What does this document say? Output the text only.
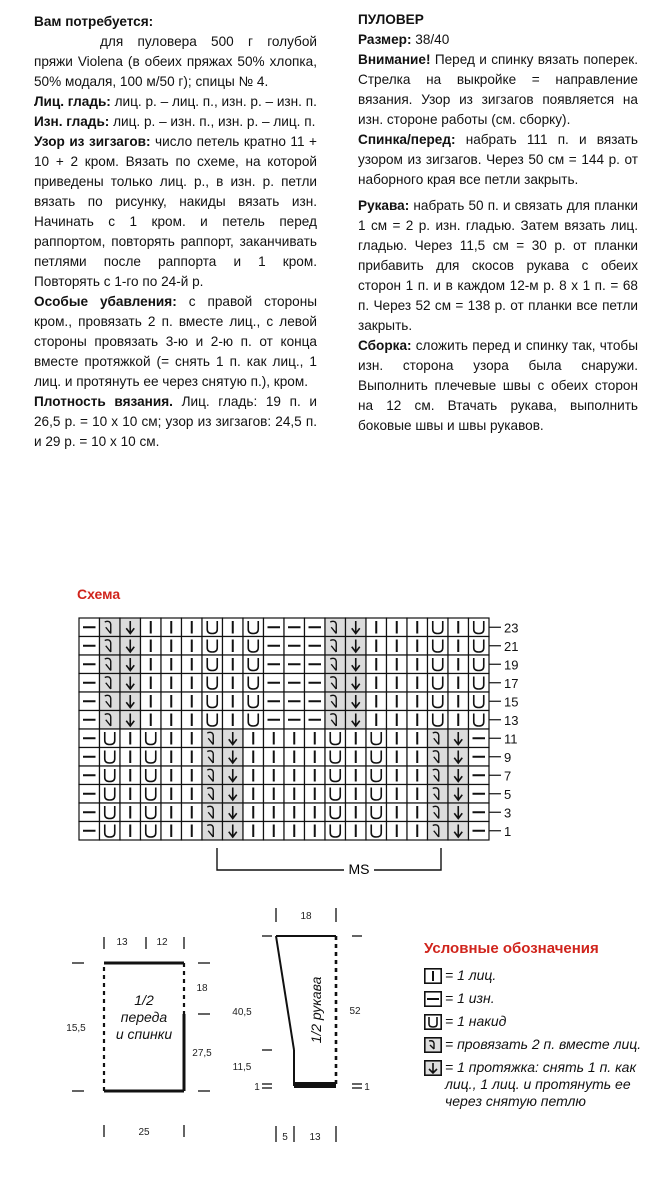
Вам потребуется:

для пуловера 500 г голубой пряжи Violena (в обеих пряжах 50% хлопка, 50% модаля, 100 м/50 г); спицы № 4.

Лиц. гладь: лиц. р. – лиц. п., изн. р. – изн. п.

Изн. гладь: лиц. р. – изн. п., изн. р. – лиц. п.

Узор из зигзагов: число петель кратно 11 + 10 + 2 кром. Вязать по схеме, на которой приведены только лиц. р., в изн. р. петли вязать по рисунку, накиды вязать изн. Начинать с 1 кром. и петель перед раппортом, повторять раппорт, заканчивать петлями после раппорта и 1 кром. Повторять с 1-го по 24-й р.

Особые убавления: с правой стороны кром., провязать 2 п. вместе лиц., с левой стороны провязать 3-ю и 2-ю п. от конца вместе протяжкой (= снять 1 п. как лиц., 1 лиц. и протянуть ее через снятую п.), кром.

Плотность вязания. Лиц. гладь: 19 п. и 26,5 р. = 10 х 10 см; узор из зигзагов: 24,5 п. и 29 р. = 10 х 10 см.

ПУЛОВЕР

Размер: 38/40

Внимание! Перед и спинку вязать поперек. Стрелка на выкройке = направление вязания. Узор из зигзагов появляется на изн. стороне работы (см. сборку).

Спинка/перед: набрать 111 п. и вязать узором из зигзагов. Через 50 см = 144 р. от наборного края все петли закрыть.

Рукава: набрать 50 п. и связать для планки 1 см = 2 р. изн. гладью. Затем вязать лиц. гладью. Через 11,5 см = 30 р. от планки прибавить для скосов рукава с обеих сторон 1 п. и в каждом 12-м р. 8 х 1 п. = 68 п. Через 52 см = 138 р. от планки все петли закрыть.

Сборка: сложить перед и спинку так, чтобы изн. сторона узора была снаружи. Выполнить плечевые швы с обеих сторон на 12 см. Втачать рукава, выполнить боковые швы и швы рукавов.

Схема
23
21
19
17
15
13
11
9
7
5
3
1
MS
13	12
15,5
18
27,5
25
1/2
переда
и спинки
18
40,5
11,5
1
52
1
5 13
1/2 рукава
Условные обозначения
= 1 лиц.
= 1 изн.
= 1 накид
= провязать 2 п. вместе лиц.
= 1 протяжка: снять 1 п. как лиц., 1 лиц. и протянуть ее через снятую петлю
